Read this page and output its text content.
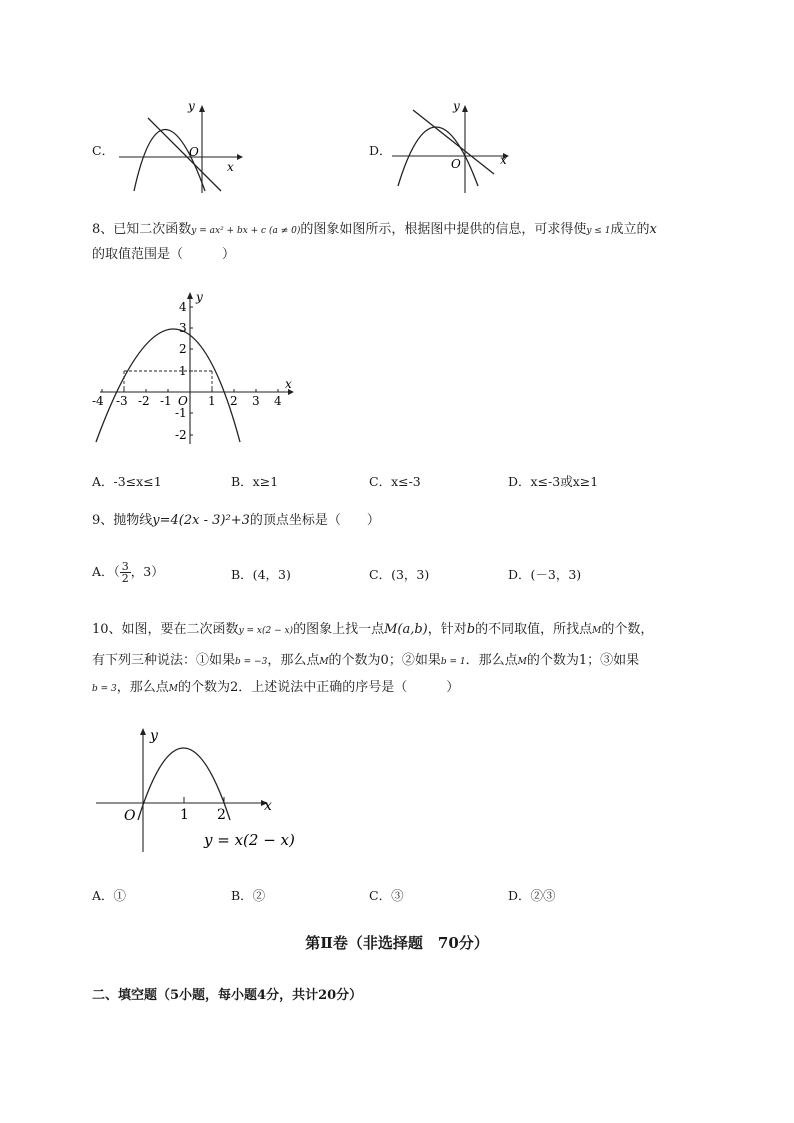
C．
y
x
O	D．
y
x
O
8、已知二次函数y = ax² + bx + c (a ≠ 0)的图象如图所示，根据图中提供的信息，可求得使y ≤ 1成立的x
的取值范围是（　　　）
4
3
2
1
-1
-2
-4 -3 -2 -1	1 2 3 4
O
x
y
A．-3≤x≤1	B．x≥1	C．x≤-3	D．x≤-3或x≥1
9、抛物线y=4(2x - 3)²+3的顶点坐标是（　　）
A．（ $\frac{3}{2}$ ，3）	B．(4，3)	C．(3，3)	D．(－3，3)
10、如图，要在二次函数y = x(2 − x)的图象上找一点M(a,b)，针对b的不同取值，所找点M的个数，
有下列三种说法：①如果b = −3，那么点M的个数为0；②如果b = 1．那么点M的个数为1；③如果
b = 3，那么点M的个数为2．上述说法中正确的序号是（　　　）
y
x
O	1 2
y = x(2 − x)
A．①	B．②	C．③	D．②③
第Ⅱ卷（非选择题　70分）
二、填空题（5小题，每小题4分，共计20分）
